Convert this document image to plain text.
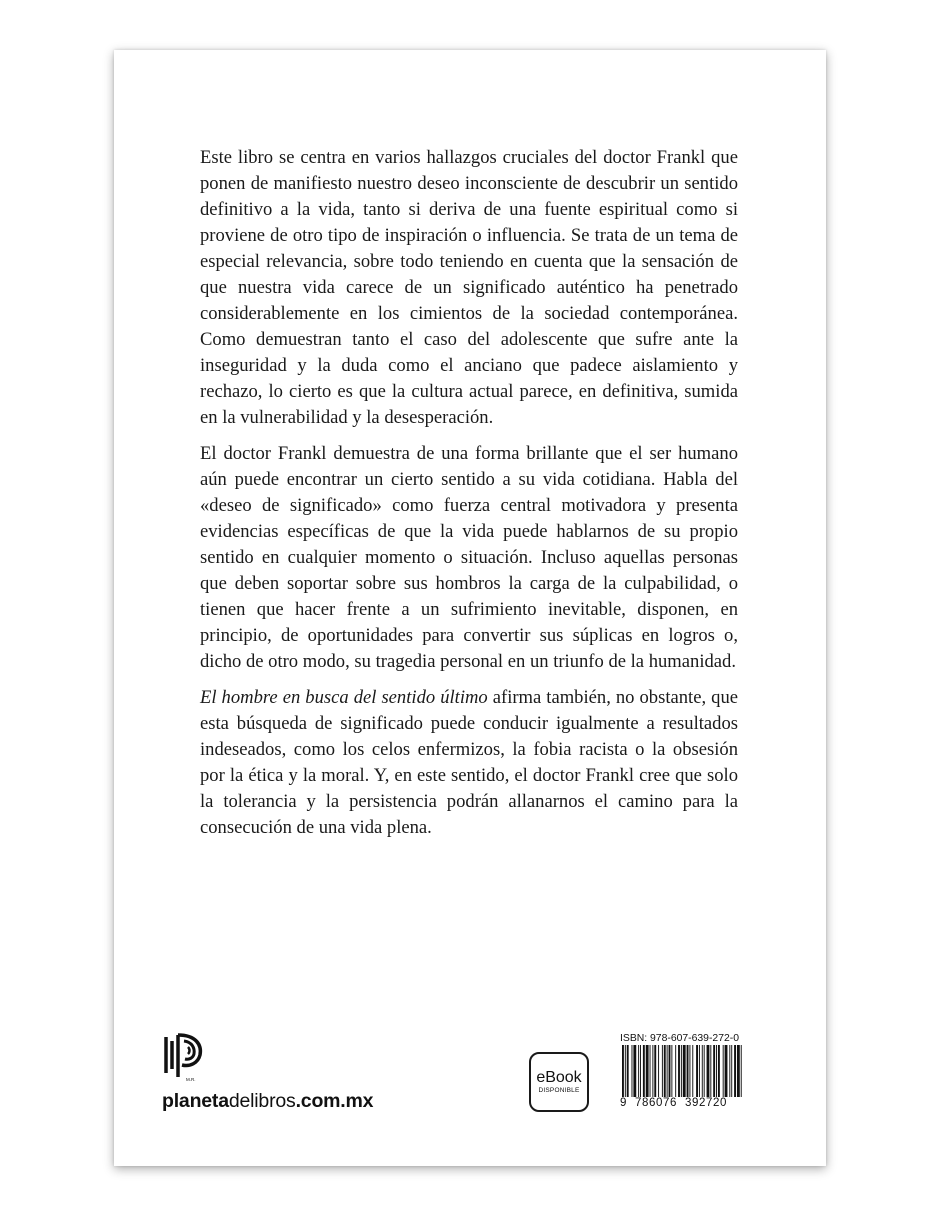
Este libro se centra en varios hallazgos cruciales del doctor Frankl que ponen de manifiesto nuestro deseo inconsciente de descubrir un sentido definitivo a la vida, tanto si deriva de una fuente espiritual como si proviene de otro tipo de inspiración o influencia. Se trata de un tema de especial relevancia, sobre todo teniendo en cuenta que la sensación de que nuestra vida carece de un significado auténtico ha penetrado considerablemente en los cimientos de la sociedad contemporánea. Como demuestran tanto el caso del adolescente que sufre ante la inseguridad y la duda como el anciano que padece aislamiento y rechazo, lo cierto es que la cultura actual parece, en definitiva, sumida en la vulnerabilidad y la desesperación.

El doctor Frankl demuestra de una forma brillante que el ser humano aún puede encontrar un cierto sentido a su vida cotidiana. Habla del «deseo de significado» como fuerza central motivadora y presenta evidencias específicas de que la vida puede hablarnos de su propio sentido en cualquier momento o situación. Incluso aquellas personas que deben soportar sobre sus hombros la carga de la culpabilidad, o tienen que hacer frente a un sufrimiento inevitable, disponen, en principio, de oportunidades para convertir sus súplicas en logros o, dicho de otro modo, su tragedia personal en un triunfo de la humanidad.

El hombre en busca del sentido último afirma también, no obstante, que esta búsqueda de significado puede conducir igualmente a resultados indeseados, como los celos enfermizos, la fobia racista o la obsesión por la ética y la moral. Y, en este sentido, el doctor Frankl cree que solo la tolerancia y la persistencia podrán allanarnos el camino para la consecución de una vida plena.

M.R.
planetadelibros.com.mx
eBook
DISPONIBLE
ISBN: 978-607-639-272-0
9 786076 392720
